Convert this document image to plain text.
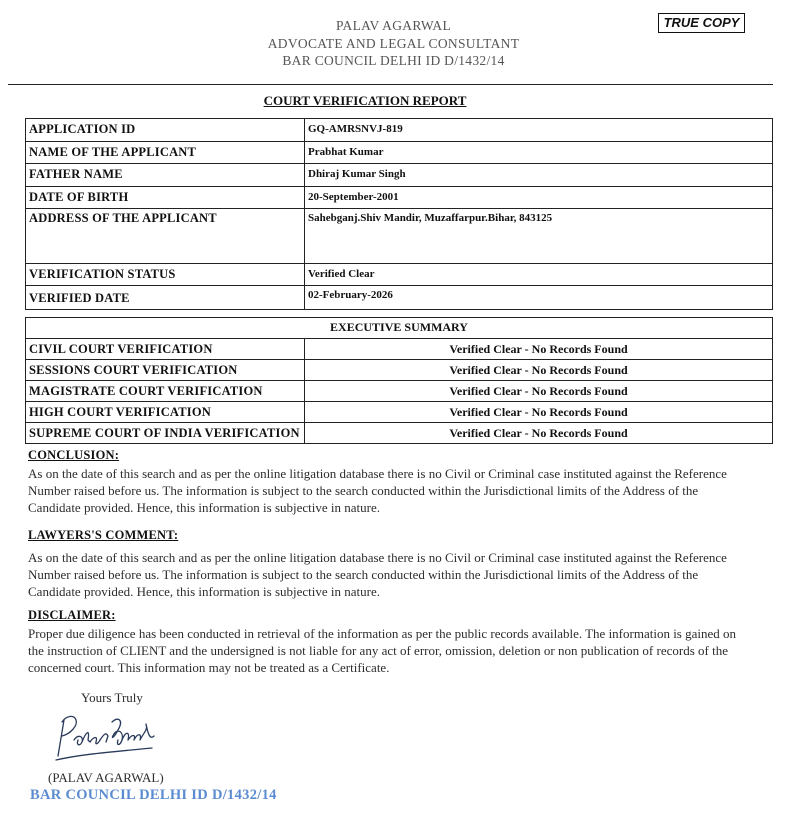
PALAV AGARWAL
ADVOCATE AND LEGAL CONSULTANT
BAR COUNCIL DELHI ID D/1432/14
TRUE COPY
COURT VERIFICATION REPORT
APPLICATION ID	GQ-AMRSNVJ-819
NAME OF THE APPLICANT	Prabhat Kumar
FATHER NAME	Dhiraj Kumar Singh
DATE OF BIRTH	20-September-2001
ADDRESS OF THE APPLICANT	Sahebganj.Shiv Mandir, Muzaffarpur.Bihar, 843125
VERIFICATION STATUS	Verified Clear
VERIFIED DATE	02-February-2026
EXECUTIVE SUMMARY	
CIVIL COURT VERIFICATION	Verified Clear - No Records Found
SESSIONS COURT VERIFICATION	Verified Clear - No Records Found
MAGISTRATE COURT VERIFICATION	Verified Clear - No Records Found
HIGH COURT VERIFICATION	Verified Clear - No Records Found
SUPREME COURT OF INDIA VERIFICATION	Verified Clear - No Records Found
CONCLUSION:
As on the date of this search and as per the online litigation database there is no Civil or Criminal case instituted against the Reference
Number raised before us. The information is subject to the search conducted within the Jurisdictional limits of the Address of the
Candidate provided. Hence, this information is subjective in nature.
LAWYERS'S COMMENT:
As on the date of this search and as per the online litigation database there is no Civil or Criminal case instituted against the Reference
Number raised before us. The information is subject to the search conducted within the Jurisdictional limits of the Address of the
Candidate provided. Hence, this information is subjective in nature.
DISCLAIMER:
Proper due diligence has been conducted in retrieval of the information as per the public records available. The information is gained on
the instruction of CLIENT and the undersigned is not liable for any act of error, omission, deletion or non publication of records of the
concerned court. This information may not be treated as a Certificate.
Yours Truly
(PALAV AGARWAL)
BAR COUNCIL DELHI ID D/1432/14
